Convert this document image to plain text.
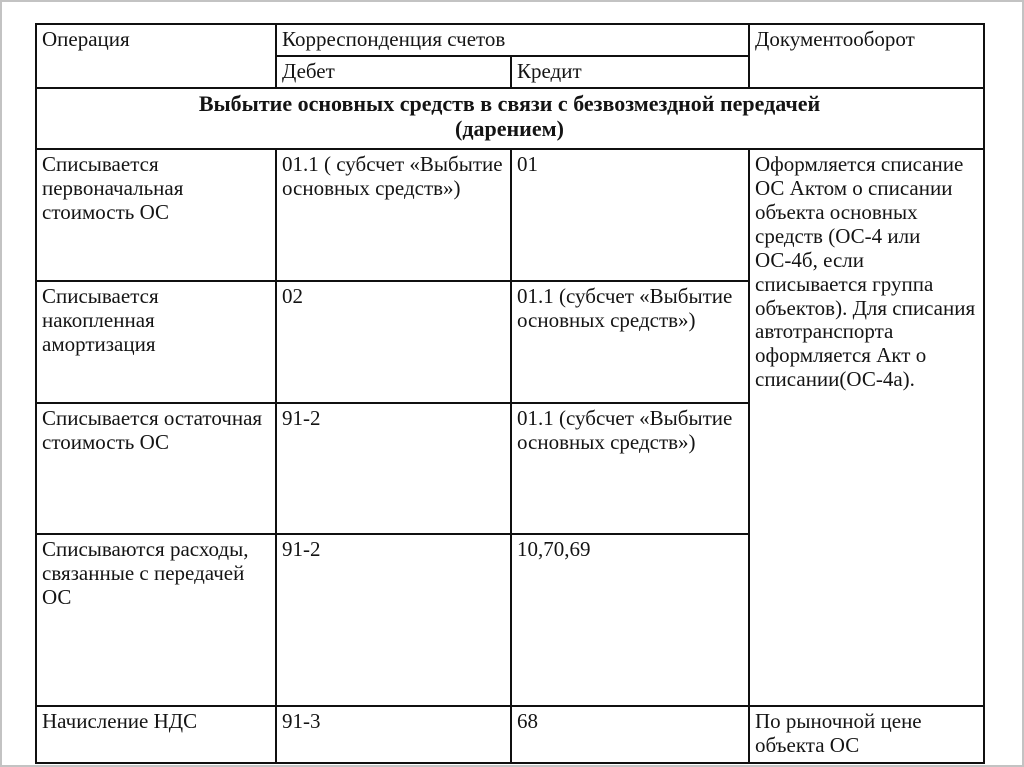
Операция	Корреспонденция счетов		Документооборот
	Дебет	Кредит	

Выбытие основных средств в связи с безвозмездной передачей
(дарением)			

Списывается первоначальная стоимость ОС	01.1 ( субсчет «Выбытие основных средств»)	01	Оформляется списание ОС Актом о списании объекта основных средств (ОС-4 или ОС-4б, если списывается группа объектов). Для списания автотранспорта оформляется Акт о списании(ОС-4а).
Списывается накопленная амортизация	02	01.1 (субсчет «Выбытие основных средств»)	
Списывается остаточная стоимость ОС	91-2	01.1 (субсчет «Выбытие основных средств»)	
Списываются расходы, связанные с передачей ОС	91-2	10,70,69	
Начисление НДС	91-3	68	По рыночной цене объекта ОС
